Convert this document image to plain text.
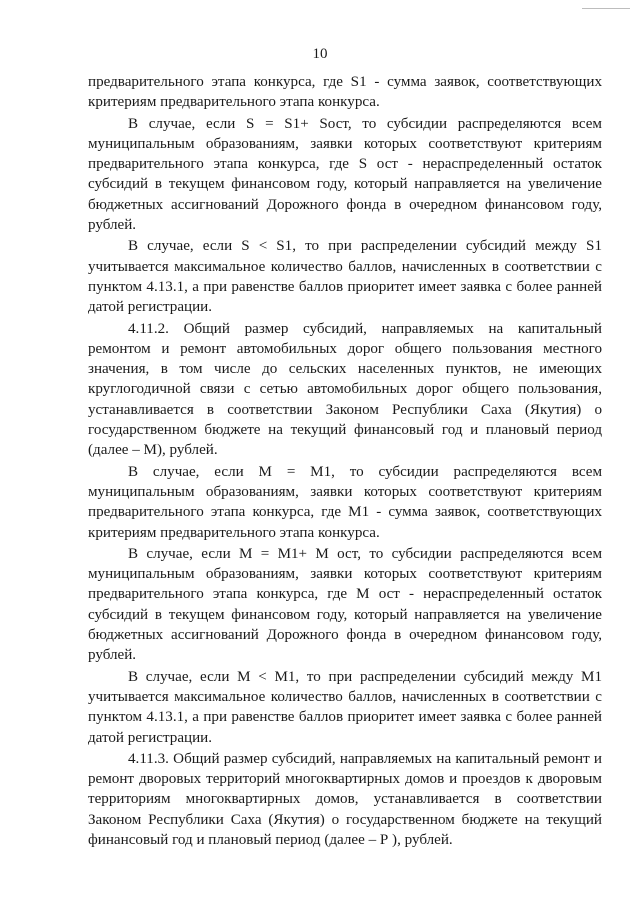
10

предварительного этапа конкурса, где S1 - сумма заявок, соответствующих критериям предварительного этапа конкурса.

В случае, если S = S1+ Sост, то субсидии распределяются всем муниципальным образованиям, заявки которых соответствуют критериям предварительного этапа конкурса, где S ост - нераспределенный остаток субсидий в текущем финансовом году, который направляется на увеличение бюджетных ассигнований Дорожного фонда в очередном финансовом году, рублей.

В случае, если S < S1, то при распределении субсидий между S1 учитывается максимальное количество баллов, начисленных в соответствии с пунктом 4.13.1, а при равенстве баллов приоритет имеет заявка с более ранней датой регистрации.

4.11.2. Общий размер субсидий, направляемых на капитальный ремонтом и ремонт автомобильных дорог общего пользования местного значения, в том числе до сельских населенных пунктов, не имеющих круглогодичной связи с сетью автомобильных дорог общего пользования, устанавливается в соответствии Законом Республики Саха (Якутия) о государственном бюджете на текущий финансовый год и плановый период (далее – М), рублей.

В случае, если М = М1, то субсидии распределяются всем муниципальным образованиям, заявки которых соответствуют критериям предварительного этапа конкурса, где М1 - сумма заявок, соответствующих критериям предварительного этапа конкурса.

В случае, если М = М1+ М ост, то субсидии распределяются всем муниципальным образованиям, заявки которых соответствуют критериям предварительного этапа конкурса, где М ост - нераспределенный остаток субсидий в текущем финансовом году, который направляется на увеличение бюджетных ассигнований Дорожного фонда в очередном финансовом году, рублей.

В случае, если М < М1, то при распределении субсидий между М1 учитывается максимальное количество баллов, начисленных в соответствии с пунктом 4.13.1, а при равенстве баллов приоритет имеет заявка с более ранней датой регистрации.

4.11.3. Общий размер субсидий, направляемых на капитальный ремонт и ремонт дворовых территорий многоквартирных домов и проездов к дворовым территориям многоквартирных домов, устанавливается в соответствии Законом Республики Саха (Якутия) о государственном бюджете на текущий финансовый год и плановый период (далее – Р ), рублей.
